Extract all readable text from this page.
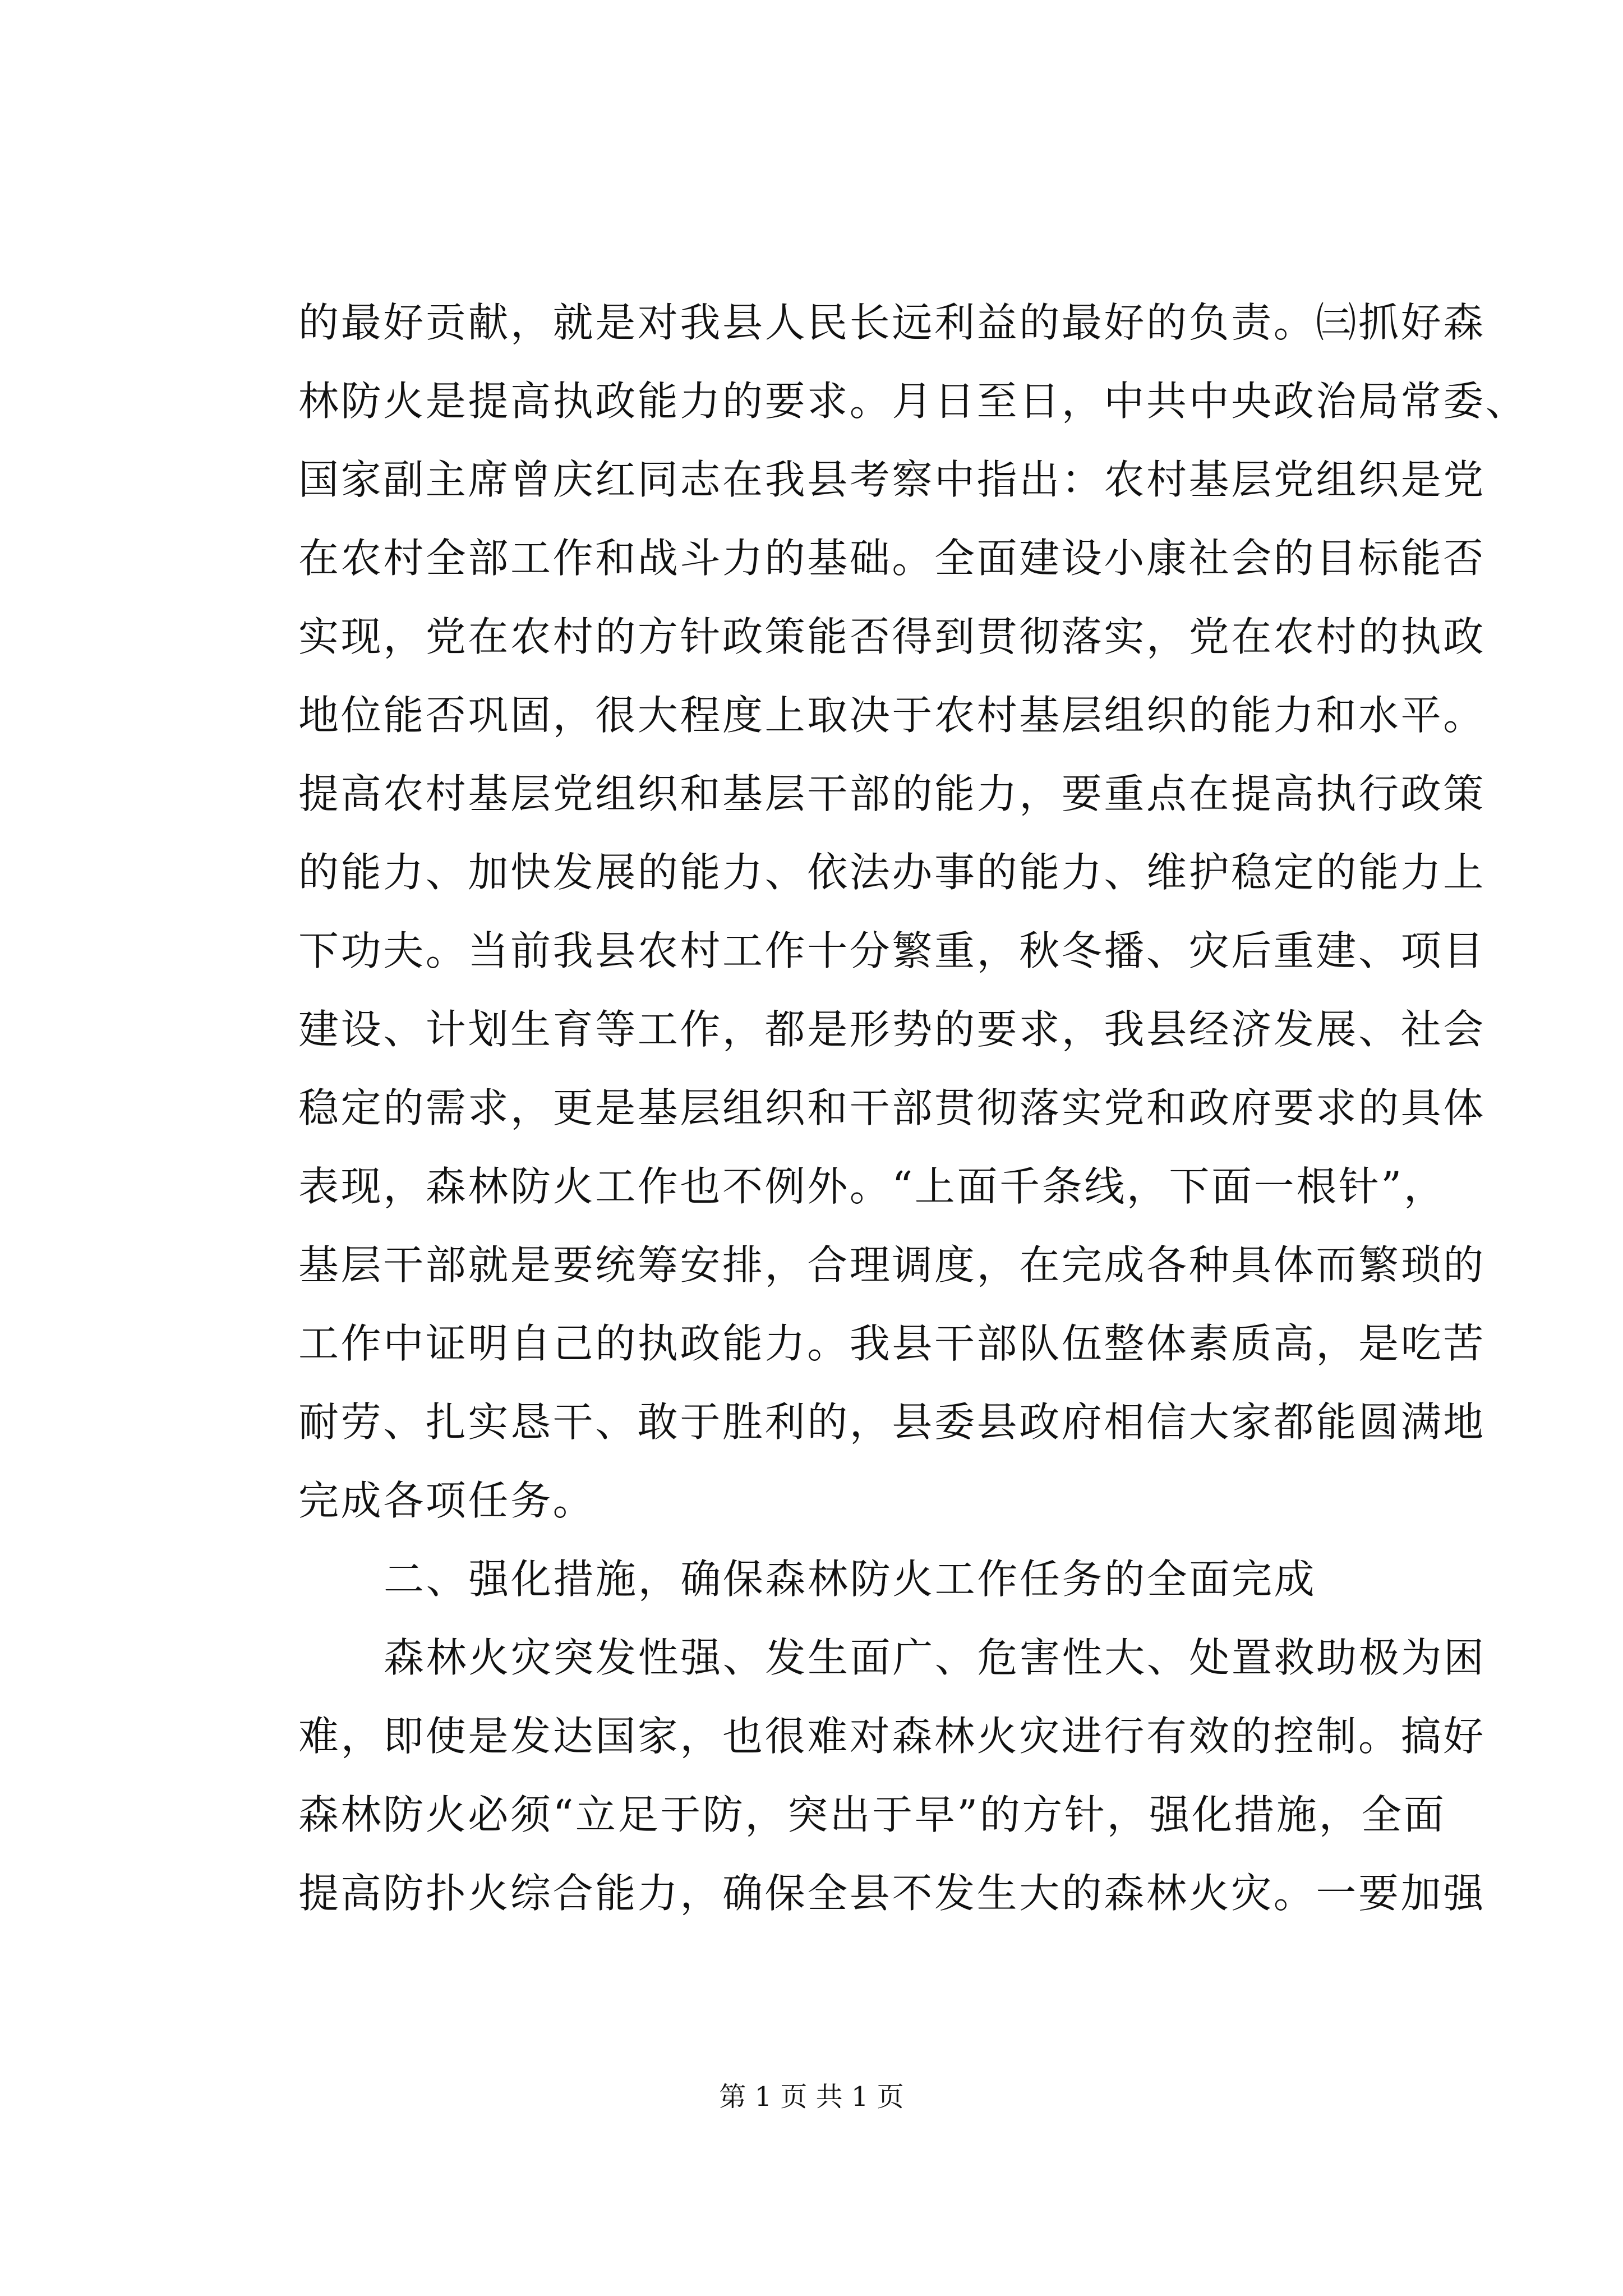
的最好贡献，就是对我县人民长远利益的最好的负责。㈢抓好森
林防火是提高执政能力的要求。月日至日，中共中央政治局常委、
国家副主席曾庆红同志在我县考察中指出：农村基层党组织是党
在农村全部工作和战斗力的基础。全面建设小康社会的目标能否
实现，党在农村的方针政策能否得到贯彻落实，党在农村的执政
地位能否巩固，很大程度上取决于农村基层组织的能力和水平。
提高农村基层党组织和基层干部的能力，要重点在提高执行政策
的能力、加快发展的能力、依法办事的能力、维护稳定的能力上
下功夫。当前我县农村工作十分繁重，秋冬播、灾后重建、项目
建设、计划生育等工作，都是形势的要求，我县经济发展、社会
稳定的需求，更是基层组织和干部贯彻落实党和政府要求的具体
表现，森林防火工作也不例外。“上面千条线，下面一根针”，
基层干部就是要统筹安排，合理调度，在完成各种具体而繁琐的
工作中证明自己的执政能力。我县干部队伍整体素质高，是吃苦
耐劳、扎实恳干、敢于胜利的，县委县政府相信大家都能圆满地
完成各项任务。
二、强化措施，确保森林防火工作任务的全面完成
森林火灾突发性强、发生面广、危害性大、处置救助极为困
难，即使是发达国家，也很难对森林火灾进行有效的控制。搞好
森林防火必须“立足于防，突出于早”的方针，强化措施，全面
提高防扑火综合能力，确保全县不发生大的森林火灾。一要加强
第 1 页 共 1 页
